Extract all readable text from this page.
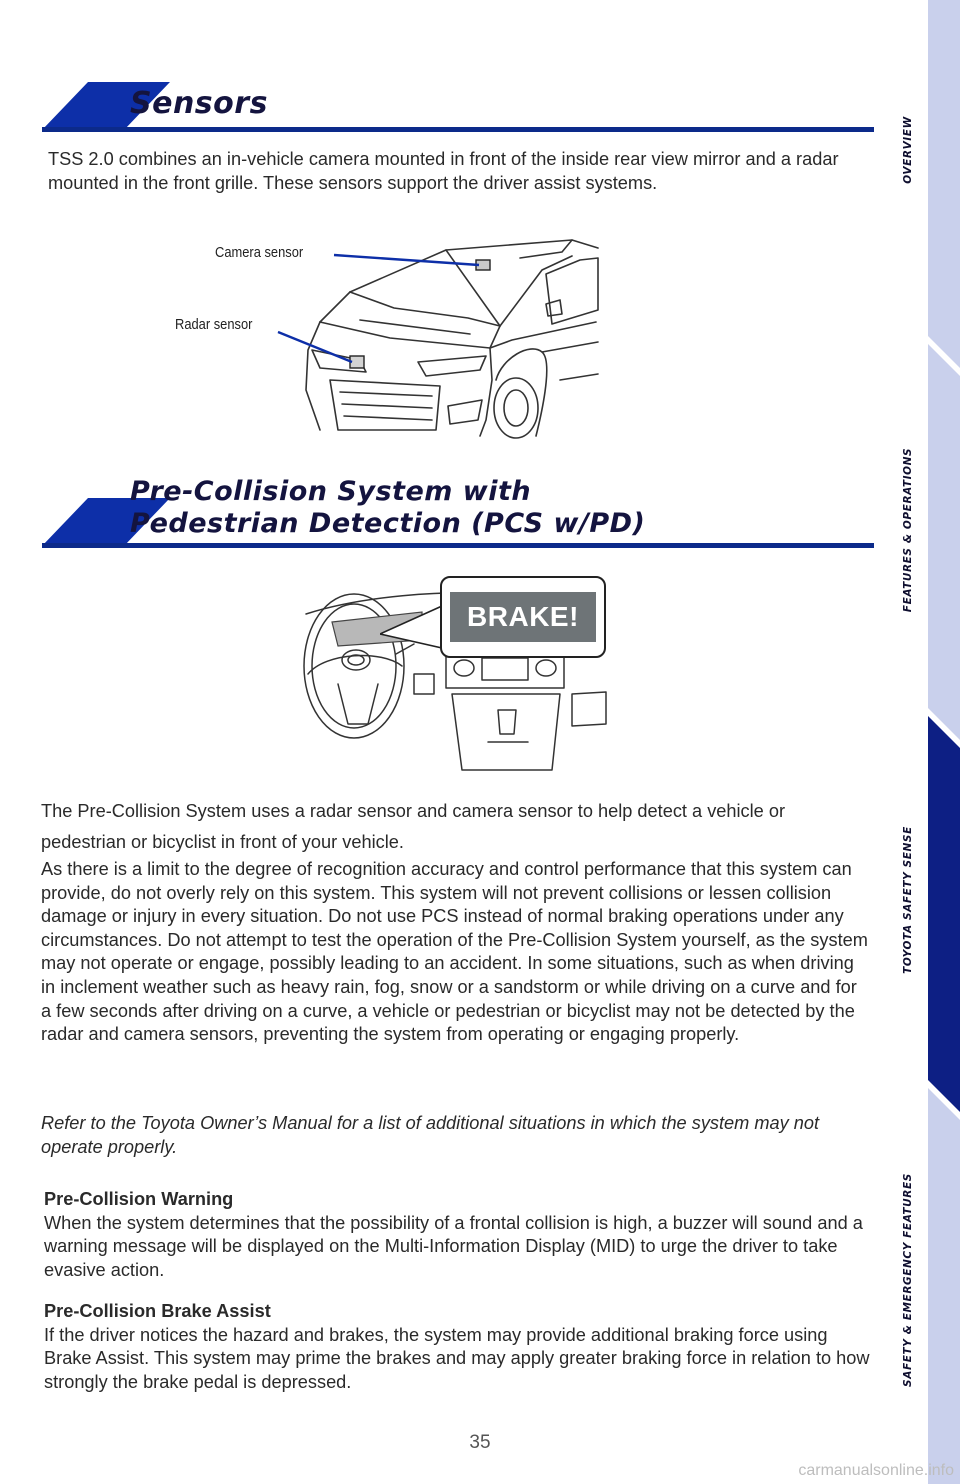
Sensors
TSS 2.0 combines an in-vehicle camera mounted in front of the inside rear view mirror and a radar mounted in the front grille. These sensors support the driver assist systems.
Camera sensor
Radar sensor
Pre-Collision System with
Pedestrian Detection (PCS w/PD)
BRAKE!
The Pre-Collision System uses a radar sensor and camera sensor to help detect a vehicle or pedestrian or bicyclist in front of your vehicle.
As there is a limit to the degree of recognition accuracy and control performance that this system can provide, do not overly rely on this system. This system will not prevent collisions or lessen collision damage or injury in every situation. Do not use PCS instead of normal braking operations under any circumstances. Do not attempt to test the operation of the Pre-Collision System yourself, as the system may not operate or engage, possibly leading to an accident. In some situations, such as when driving in inclement weather such as heavy rain, fog, snow or a sandstorm or while driving on a curve and for a few seconds after driving on a curve, a vehicle or pedestrian or bicyclist may not be detected by the radar and camera sensors, preventing the system from operating or engaging properly.
Refer to the Toyota Owner’s Manual for a list of additional situations in which the system may not operate properly.
Pre-Collision Warning
When the system determines that the possibility of a frontal collision is high, a buzzer will sound and a warning message will be displayed on the Multi-Information Display (MID) to urge the driver to take evasive action.
Pre-Collision Brake Assist
If the driver notices the hazard and brakes, the system may provide additional braking force using Brake Assist. This system may prime the brakes and may apply greater braking force in relation to how strongly the brake pedal is depressed.
OVERVIEW
FEATURES & OPERATIONS
TOYOTA SAFETY SENSE
SAFETY & EMERGENCY FEATURES
35
carmanualsonline.info
